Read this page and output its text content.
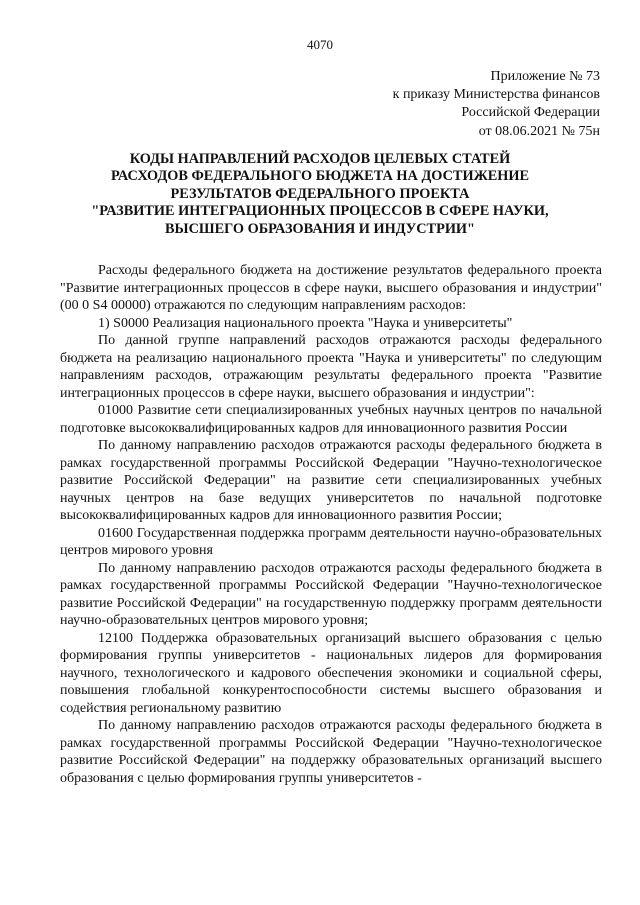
4070
Приложение № 73
к приказу Министерства финансов
Российской Федерации
от 08.06.2021 № 75н
КОДЫ НАПРАВЛЕНИЙ РАСХОДОВ ЦЕЛЕВЫХ СТАТЕЙ
РАСХОДОВ ФЕДЕРАЛЬНОГО БЮДЖЕТА НА ДОСТИЖЕНИЕ
РЕЗУЛЬТАТОВ ФЕДЕРАЛЬНОГО ПРОЕКТА
"РАЗВИТИЕ ИНТЕГРАЦИОННЫХ ПРОЦЕССОВ В СФЕРЕ НАУКИ,
ВЫСШЕГО ОБРАЗОВАНИЯ И ИНДУСТРИИ"

Расходы федерального бюджета на достижение результатов федерального проекта "Развитие интеграционных процессов в сфере науки, высшего образования и индустрии" (00 0 S4 00000) отражаются по следующим направлениям расходов:

1) S0000 Реализация национального проекта "Наука и университеты"

По данной группе направлений расходов отражаются расходы федерального бюджета на реализацию национального проекта "Наука и университеты" по следующим направлениям расходов, отражающим результаты федерального проекта "Развитие интеграционных процессов в сфере науки, высшего образования и индустрии":

01000 Развитие сети специализированных учебных научных центров по начальной подготовке высококвалифицированных кадров для инновационного развития России

По данному направлению расходов отражаются расходы федерального бюджета в рамках государственной программы Российской Федерации "Научно-технологическое развитие Российской Федерации" на развитие сети специализированных учебных научных центров на базе ведущих университетов по начальной подготовке высококвалифицированных кадров для инновационного развития России;

01600 Государственная поддержка программ деятельности научно-образовательных центров мирового уровня

По данному направлению расходов отражаются расходы федерального бюджета в рамках государственной программы Российской Федерации "Научно-технологическое развитие Российской Федерации" на государственную поддержку программ деятельности научно-образовательных центров мирового уровня;

12100 Поддержка образовательных организаций высшего образования с целью формирования группы университетов - национальных лидеров для формирования научного, технологического и кадрового обеспечения экономики и социальной сферы, повышения глобальной конкурентоспособности системы высшего образования и содействия региональному развитию

По данному направлению расходов отражаются расходы федерального бюджета в рамках государственной программы Российской Федерации "Научно-технологическое развитие Российской Федерации" на поддержку образовательных организаций высшего образования с целью формирования группы университетов -
